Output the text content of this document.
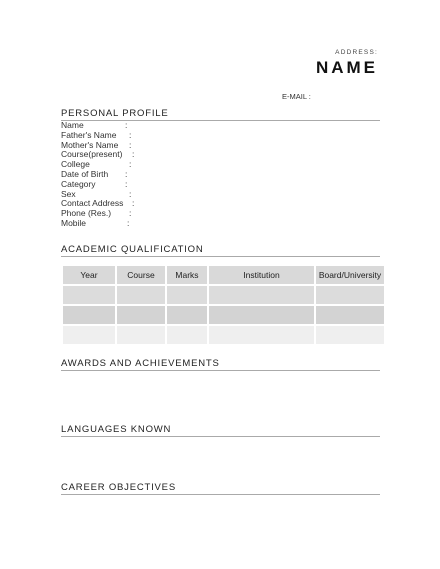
ADDRESS:
NAME
E-MAIL :
PERSONAL PROFILE
Name	:
Father's Name :
Mother's Name :
Course(present) :
College	:
Date of Birth :
Category	:
Sex	:
Contact Address :
Phone (Res.) :
Mobile	:
ACADEMIC QUALIFICATION
Year	Course	Marks	Institution	Board/University

AWARDS AND ACHIEVEMENTS
LANGUAGES KNOWN
CAREER OBJECTIVES
